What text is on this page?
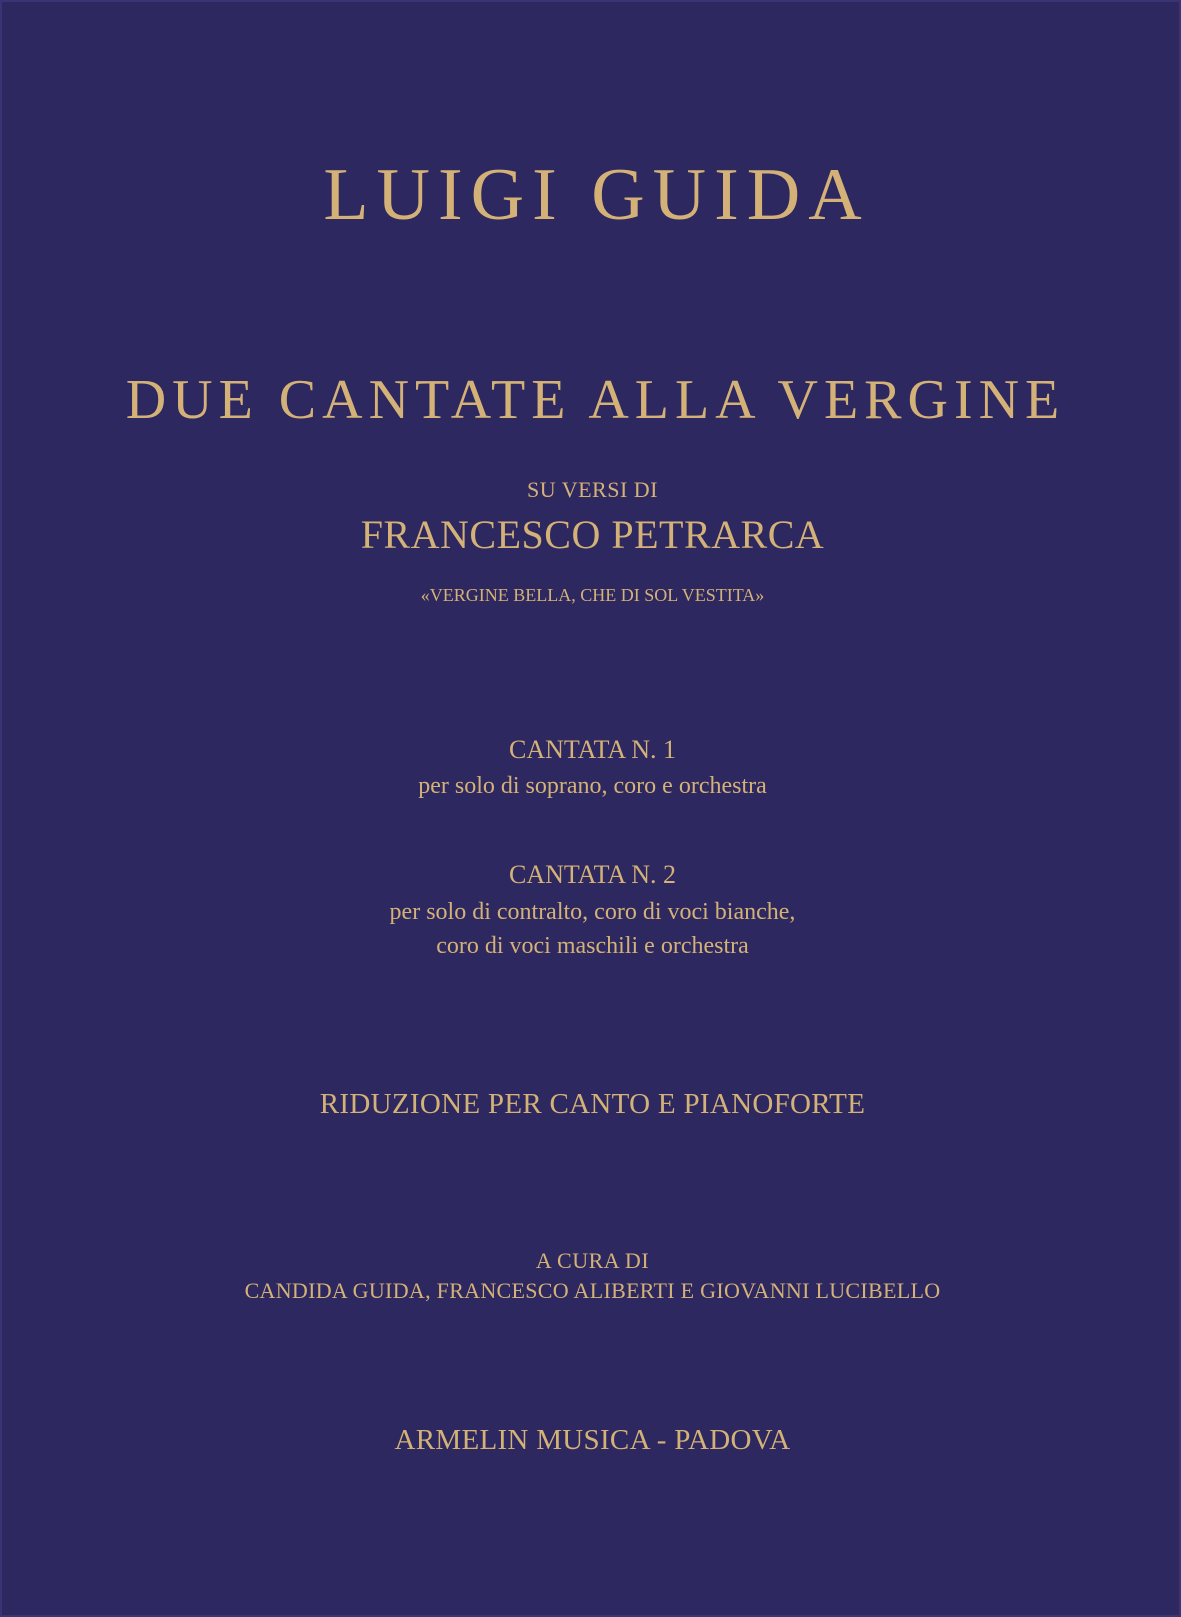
LUIGI GUIDA
DUE CANTATE ALLA VERGINE
SU VERSI DI
FRANCESCO PETRARCA
«VERGINE BELLA, CHE DI SOL VESTITA»
CANTATA N. 1
per solo di soprano, coro e orchestra
CANTATA N. 2
per solo di contralto, coro di voci bianche,
coro di voci maschili e orchestra
RIDUZIONE PER CANTO E PIANOFORTE
A CURA DI
CANDIDA GUIDA, FRANCESCO ALIBERTI E GIOVANNI LUCIBELLO
ARMELIN MUSICA - PADOVA
